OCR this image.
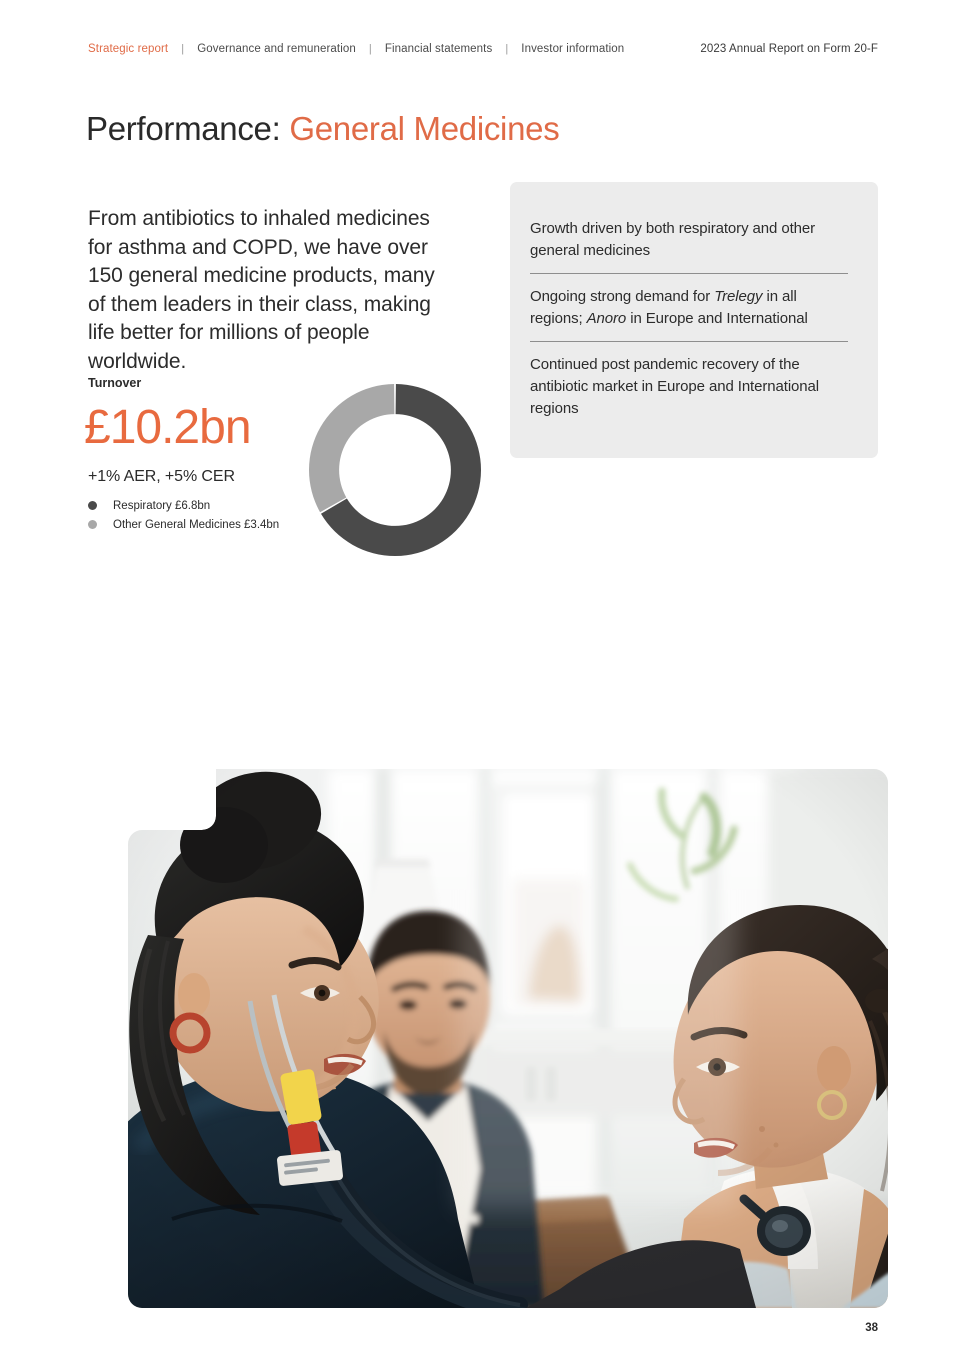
Strategic report	|	Governance and remuneration	|	Financial statements	|	Investor information	2023 Annual Report on Form 20-F
Performance: General Medicines

From antibiotics to inhaled medicines for asthma and COPD, we have over 150 general medicine products, many of them leaders in their class, making life better for millions of people worldwide.

Turnover
£10.2bn
+1% AER, +5% CER
Respiratory £6.8bn
Other General Medicines £3.4bn
Growth driven by both respiratory and other general medicines
Ongoing strong demand for Trelegy in all regions; Anoro in Europe and International
Continued post pandemic recovery of the antibiotic market in Europe and International regions
38
